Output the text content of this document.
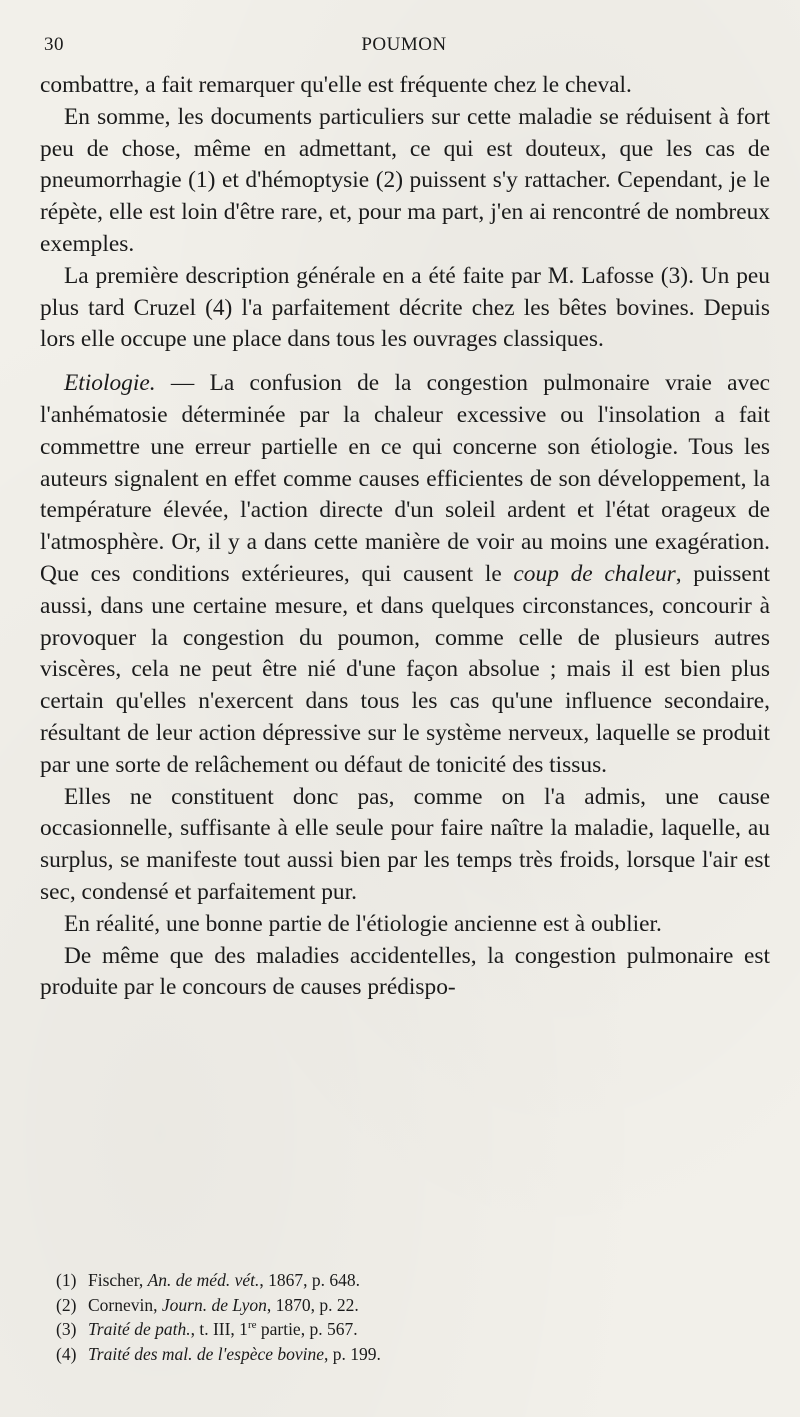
30	POUMON

combattre, a fait remarquer qu'elle est fréquente chez le cheval.

En somme, les documents particuliers sur cette maladie se réduisent à fort peu de chose, même en admettant, ce qui est douteux, que les cas de pneumorrhagie (1) et d'hémoptysie (2) puissent s'y rattacher. Cependant, je le répète, elle est loin d'être rare, et, pour ma part, j'en ai rencontré de nombreux exemples.

La première description générale en a été faite par M. Lafosse (3). Un peu plus tard Cruzel (4) l'a parfaitement décrite chez les bêtes bovines. Depuis lors elle occupe une place dans tous les ouvrages classiques.

Etiologie. — La confusion de la congestion pulmonaire vraie avec l'anhématosie déterminée par la chaleur excessive ou l'insolation a fait commettre une erreur partielle en ce qui concerne son étiologie. Tous les auteurs signalent en effet comme causes efficientes de son développement, la température élevée, l'action directe d'un soleil ardent et l'état orageux de l'atmosphère. Or, il y a dans cette manière de voir au moins une exagération. Que ces conditions extérieures, qui causent le coup de chaleur, puissent aussi, dans une certaine mesure, et dans quelques circonstances, concourir à provoquer la congestion du poumon, comme celle de plusieurs autres viscères, cela ne peut être nié d'une façon absolue ; mais il est bien plus certain qu'elles n'exercent dans tous les cas qu'une influence secondaire, résultant de leur action dépressive sur le système nerveux, laquelle se produit par une sorte de relâchement ou défaut de tonicité des tissus.

Elles ne constituent donc pas, comme on l'a admis, une cause occasionnelle, suffisante à elle seule pour faire naître la maladie, laquelle, au surplus, se manifeste tout aussi bien par les temps très froids, lorsque l'air est sec, condensé et parfaitement pur.

En réalité, une bonne partie de l'étiologie ancienne est à oublier.

De même que des maladies accidentelles, la congestion pulmonaire est produite par le concours de causes prédispo-

(1) Fischer, An. de méd. vét., 1867, p. 648.

(2) Cornevin, Journ. de Lyon, 1870, p. 22.

(3) Traité de path., t. III, 1re partie, p. 567.

(4) Traité des mal. de l'espèce bovine, p. 199.
